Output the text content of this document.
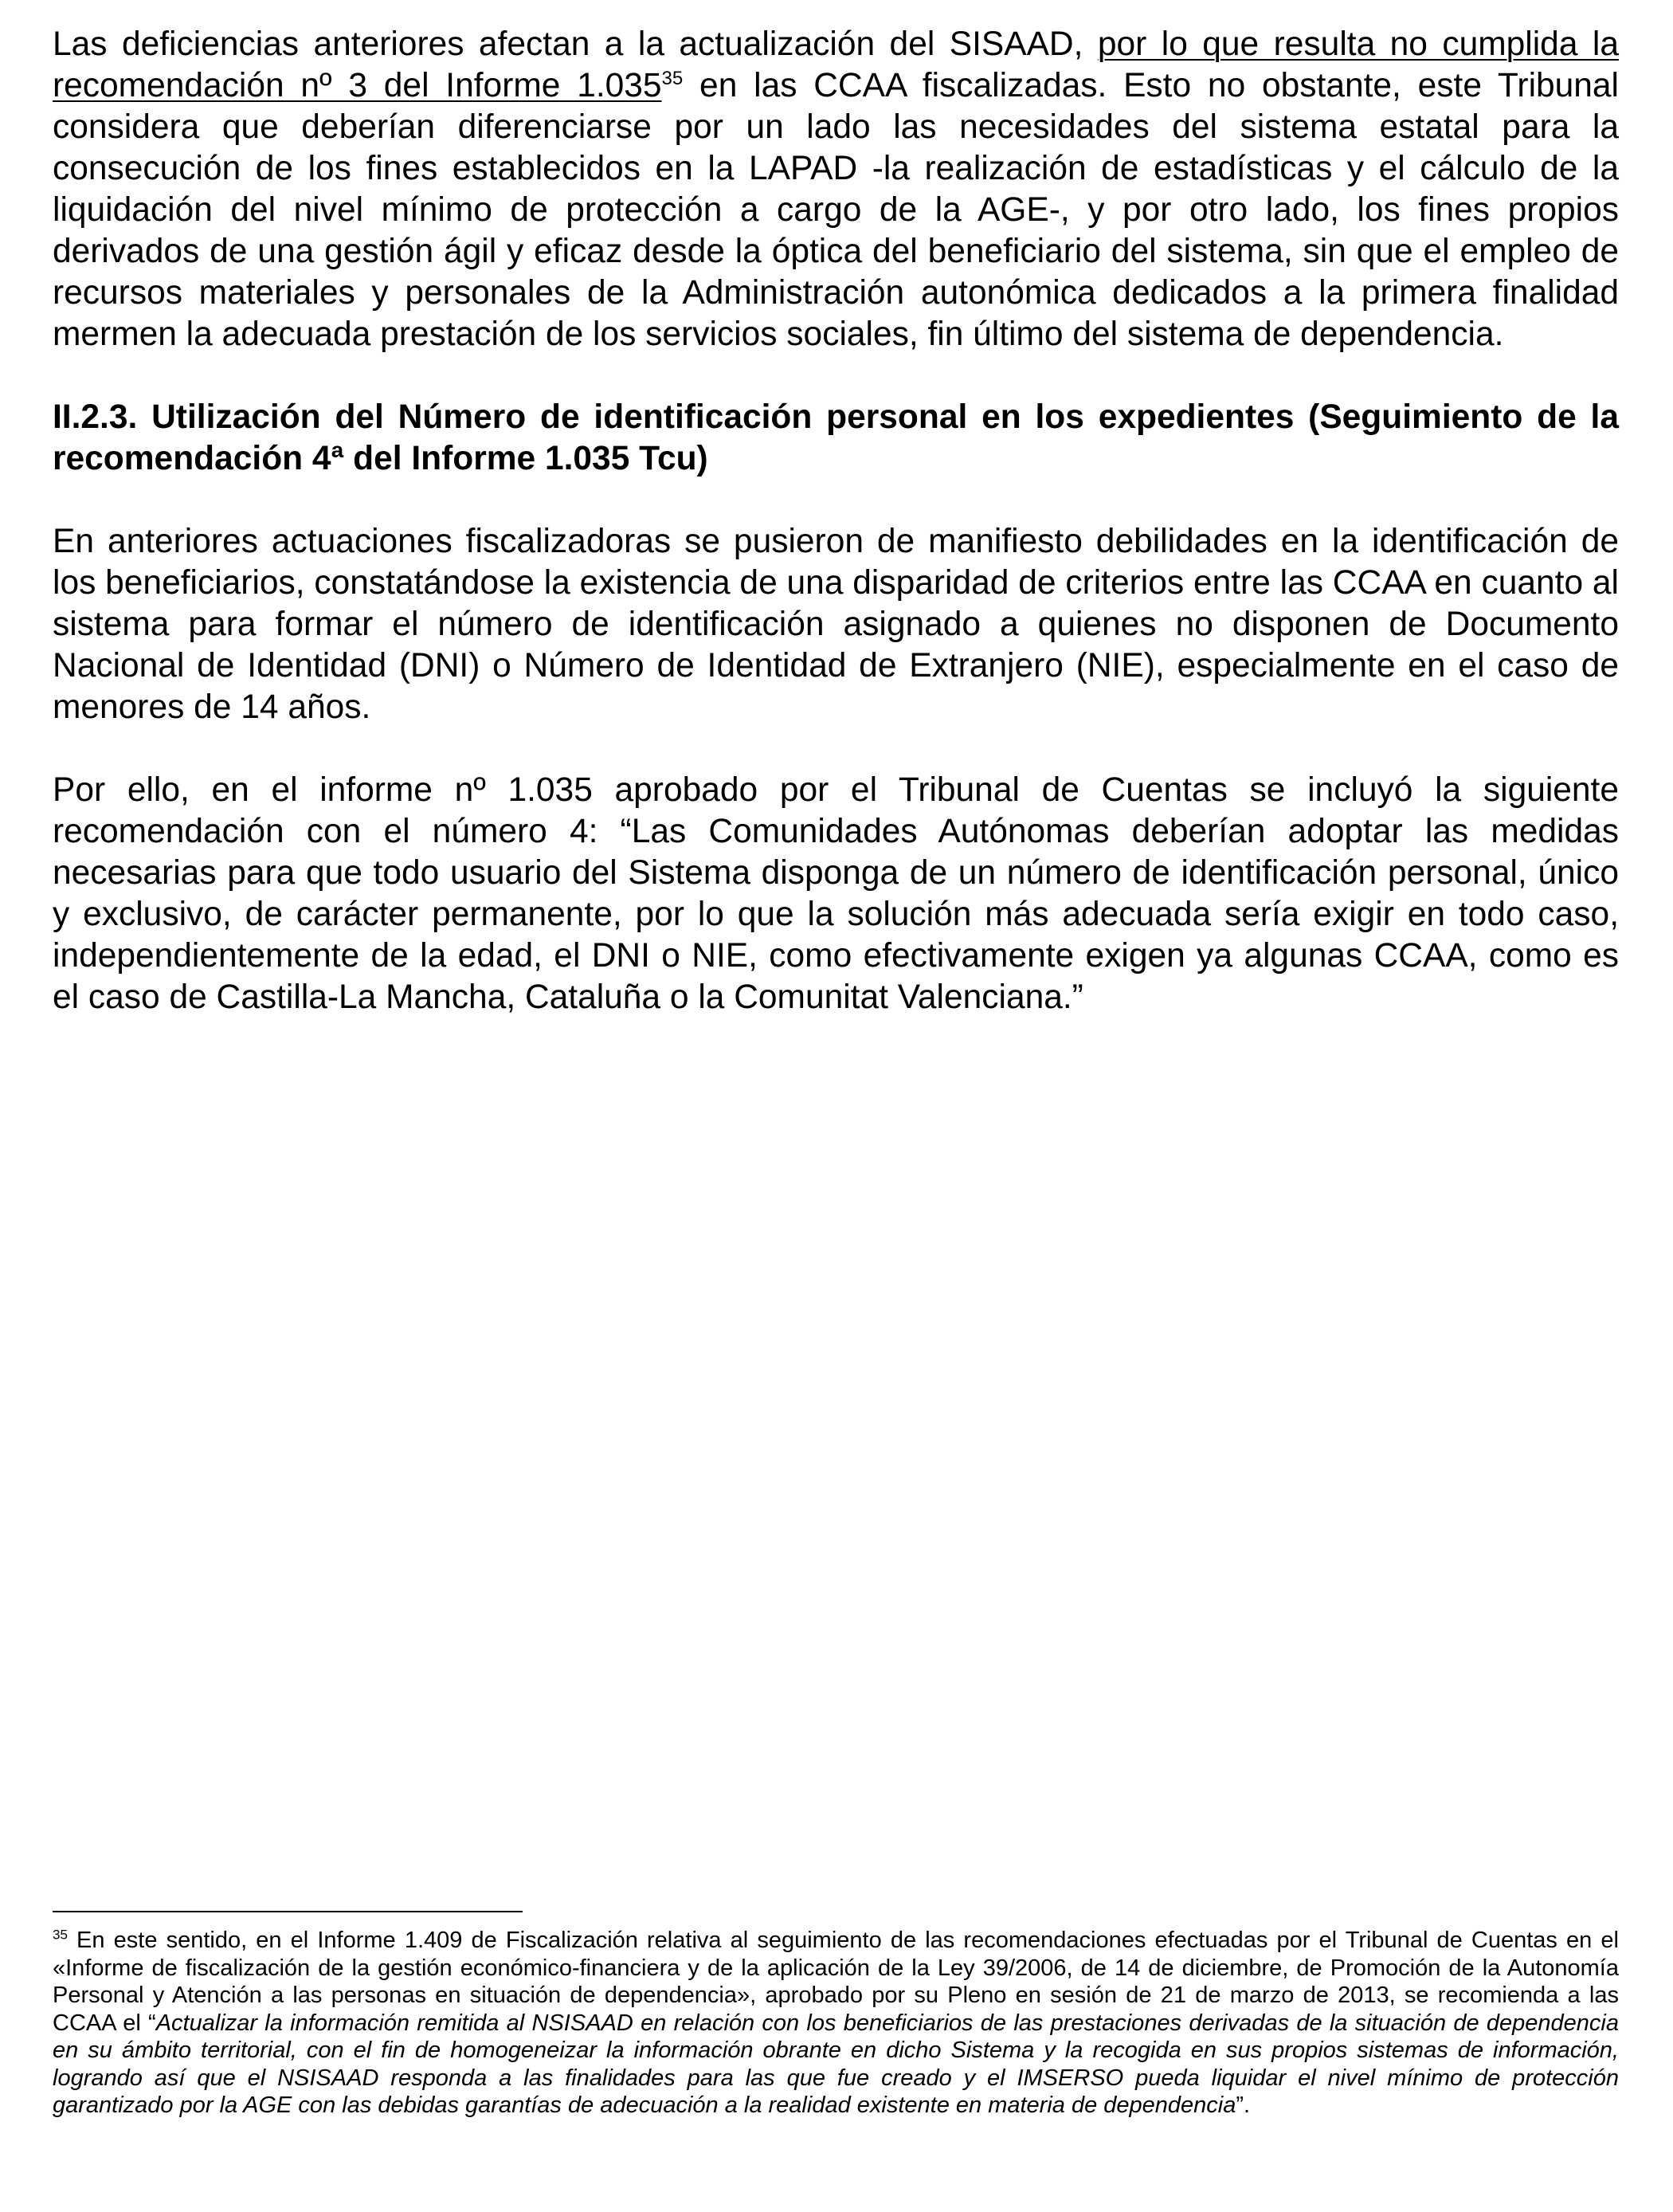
Las deficiencias anteriores afectan a la actualización del SISAAD, por lo que resulta no cumplida la recomendación nº 3 del Informe 1.035$^{35}$ en las CCAA fiscalizadas. Esto no obstante, este Tribunal considera que deberían diferenciarse por un lado las necesidades del sistema estatal para la consecución de los fines establecidos en la LAPAD -la realización de estadísticas y el cálculo de la liquidación del nivel mínimo de protección a cargo de la AGE-, y por otro lado, los fines propios derivados de una gestión ágil y eficaz desde la óptica del beneficiario del sistema, sin que el empleo de recursos materiales y personales de la Administración autonómica dedicados a la primera finalidad mermen la adecuada prestación de los servicios sociales, fin último del sistema de dependencia.

II.2.3. Utilización del Número de identificación personal en los expedientes (Seguimiento de la recomendación 4ª del Informe 1.035 Tcu)

En anteriores actuaciones fiscalizadoras se pusieron de manifiesto debilidades en la identificación de los beneficiarios, constatándose la existencia de una disparidad de criterios entre las CCAA en cuanto al sistema para formar el número de identificación asignado a quienes no disponen de Documento Nacional de Identidad (DNI) o Número de Identidad de Extranjero (NIE), especialmente en el caso de menores de 14 años.

Por ello, en el informe nº 1.035 aprobado por el Tribunal de Cuentas se incluyó la siguiente recomendación con el número 4: “Las Comunidades Autónomas deberían adoptar las medidas necesarias para que todo usuario del Sistema disponga de un número de identificación personal, único y exclusivo, de carácter permanente, por lo que la solución más adecuada sería exigir en todo caso, independientemente de la edad, el DNI o NIE, como efectivamente exigen ya algunas CCAA, como es el caso de Castilla-La Mancha, Cataluña o la Comunitat Valenciana.”

$^{35}$ En este sentido, en el Informe 1.409 de Fiscalización relativa al seguimiento de las recomendaciones efectuadas por el Tribunal de Cuentas en el «Informe de fiscalización de la gestión económico-financiera y de la aplicación de la Ley 39/2006, de 14 de diciembre, de Promoción de la Autonomía Personal y Atención a las personas en situación de dependencia», aprobado por su Pleno en sesión de 21 de marzo de 2013, se recomienda a las CCAA el “Actualizar la información remitida al NSISAAD en relación con los beneficiarios de las prestaciones derivadas de la situación de dependencia en su ámbito territorial, con el fin de homogeneizar la información obrante en dicho Sistema y la recogida en sus propios sistemas de información, logrando así que el NSISAAD responda a las finalidades para las que fue creado y el IMSERSO pueda liquidar el nivel mínimo de protección garantizado por la AGE con las debidas garantías de adecuación a la realidad existente en materia de dependencia”.
